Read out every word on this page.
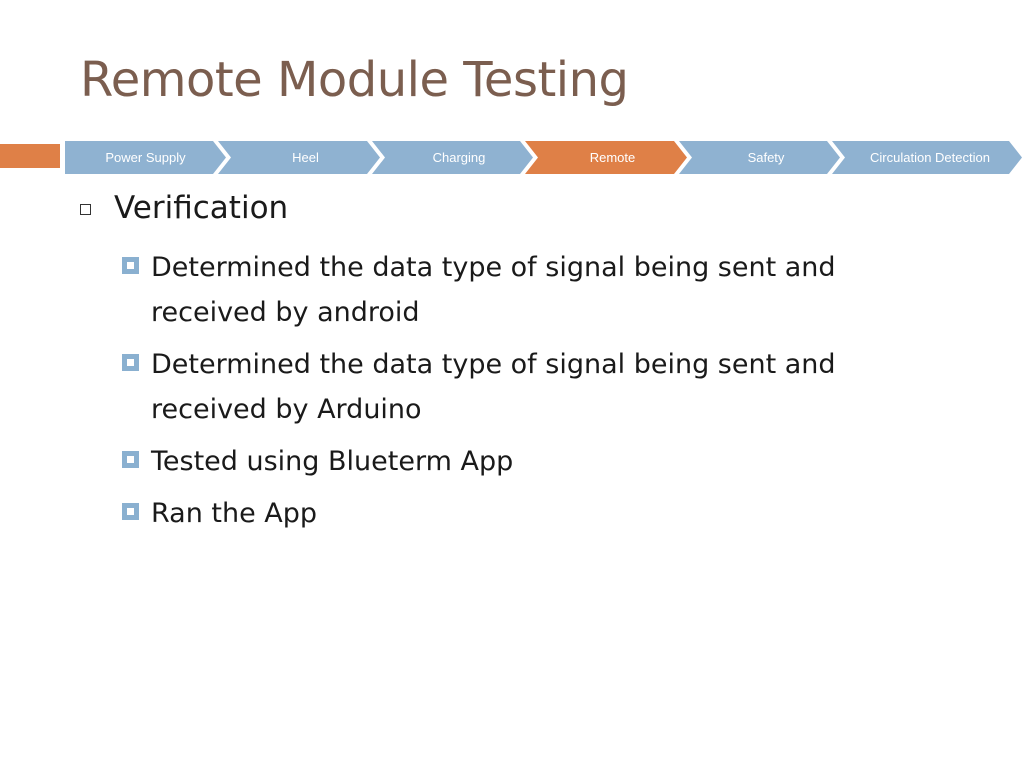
Remote Module Testing
Power Supply	Heel	Charging	Remote	Safety	Circulation Detection
Verification
Determined the data type of signal being sent and received by android
Determined the data type of signal being sent and received by Arduino
Tested using Blueterm App
Ran the App
